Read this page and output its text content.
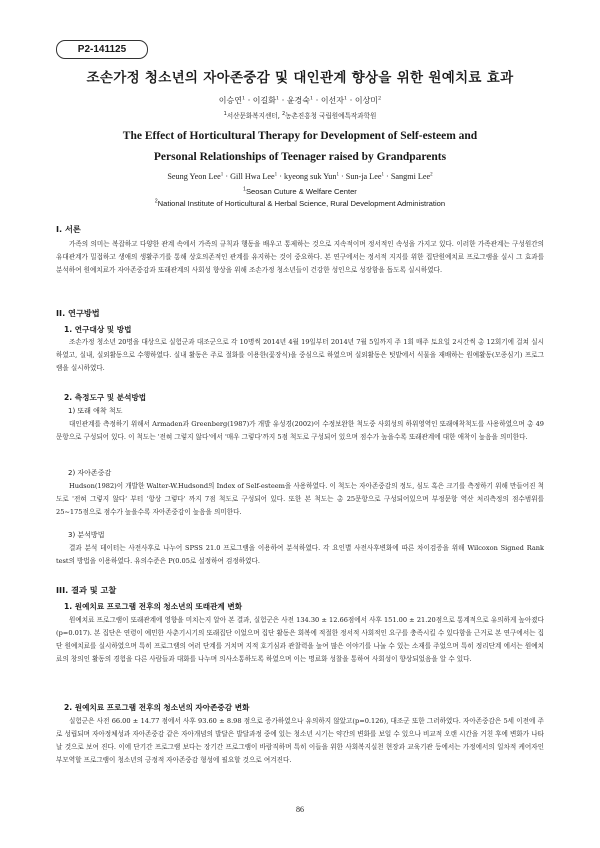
P2-141125
조손가정 청소년의 자아존중감 및 대인관계 향상을 위한 원예치료 효과
이승연$^1$ · 이길화$^1$ · 윤경숙$^1$ · 이선자$^1$ · 이상미$^2$
$^1$서산문화복지센터, $^2$농촌진흥청 국립원예특작과학원
The Effect of Horticultural Therapy for Development of Self-esteem and
Personal Relationships of Teenager raised by Grandparents
Seung Yeon Lee$^1$ · Gill Hwa Lee$^1$ · kyeong suk Yun$^1$ · Sun-ja Lee$^1$ · Sangmi Lee$^2$
$^1$Seosan Cuture & Welfare Center
$^2$National Institute of Horticultural & Herbal Science, Rural Development Administration
I. 서론
가족의 의미는 복잡하고 다양한 관계 속에서 가족의 규칙과 행동을 배우고 통제하는 것으로 지속적이며 정서적인 속성을 가지고 있다. 이러한 가족관계는 구성원간의 유대관계가 밀접하고 생애의 생활주기를 통해 상호의존적인 관계를 유지하는 것이 중요하다. 본 연구에서는 정서적 지지를 위한 집단원예치료 프로그램을 실시 그 효과를 분석하여 원예치료가 자아존중감과 또래관계의 사회성 향상을 위해 조손가정 청소년들이 건강한 성인으로 성장함을 돕도록 실시하였다.
II. 연구방법
1. 연구대상 및 방법
조손가정 청소년 20명을 대상으로 실험군과 대조군으로 각 10명씩 2014년 4월 19일부터 2014년 7월 5일까지 주 1회 매주 토요일 2시간씩 총 12회기에 걸쳐 실시하였고, 실내, 실외활동으로 수행하였다. 실내 활동은 주로 절화를 이용한(꽃장식)을 중심으로 하였으며 실외활동은 텃밭에서 식물을 재배하는 원예활동(모종심기) 프로그램을 실시하였다.
2. 측정도구 및 분석방법
1) 또래 애착 척도
대인관계를 측정하기 위해서 Armaden과 Greenberg(1987)가 개발 유성경(2002)이 수정보완한 척도중 사회성의 하위영역인 또래애착척도를 사용하였으며 총 49문항으로 구성되어 있다. 이 척도는 '전혀 그렇지 않다'에서 '매우 그렇다'까지 5점 척도로 구성되어 있으며 점수가 높을수록 또래관계에 대한 애착이 높음을 의미한다.
2) 자아존중감
Hudson(1982)이 개발한 Walter-W.Hudsond의 Index of Self-esteem을 사용하였다. 이 척도는 자아존중감의 정도, 심도 혹은 크기를 측정하기 위해 만들어진 척도로 '전혀 그렇지 않다' 부터 '항상 그렇다' 까지 7점 척도로 구성되어 있다. 또한 본 척도는 총 25문항으로 구성되어있으며 부정문항 역산 처리측정의 점수범위를 25~175점으로 점수가 높을수록 자아존중감이 높음을 의미한다.
3) 분석방법
결과 분석 데이터는 사전사후로 나누어 SPSS 21.0 프로그램을 이용하여 분석하였다. 각 요인별 사전사후변화에 따른 차이검증을 위해 Wilcoxon Signed Rank test의 방법을 이용하였다. 유의수준은 P(0.05로 설정하여 검정하였다.
III. 결과 및 고찰
1. 원예치료 프로그램 전후의 청소년의 또래관계 변화
원예치료 프로그램이 또래관계에 영향을 미치는지 알아 본 결과, 실험군은 사전 134.30 ± 12.66점에서 사후 151.00 ± 21.20점으로 통계적으로 유의하게 높아졌다(p=0.017). 본 집단은 연령이 예민한 사춘기시기의 또래집단 이었으며 집단 활동은 회복에 적절한 정서적 사회적인 요구를 충족시킬 수 있다함을 근거로 본 연구에서는 집단 원예치료를 실시하였으며 특히 프로그램의 여러 단계를 거치며 지적 호기심과 관찰력을 높여 많은 이야기를 나눌 수 있는 소재를 주었으며 특히 정리단계 에서는 원예치료의 창의인 활동의 경험을 다른 사람들과 대화를 나누며 의사소통하도록 하였으며 이는 명료화 성찰을 통하여 사회성이 향상되었음을 알 수 있다.
2. 원예치료 프로그램 전후의 청소년의 자아존중감 변화
실험군은 사전 66.00 ± 14.77 점에서 사후 93.60 ± 8.98 점으로 증가하였으나 유의하지 않았고(p=0.126), 대조군 또한 그러하였다. 자아존중감은 5세 이전에 주로 성립되며 자아정체성과 자아존중감 같은 자아개념의 발달은 발달과정 중에 있는 청소년 시기는 약간의 변화를 보일 수 있으나 비교적 오랜 시간을 거친 후에 변화가 나타 날 것으로 보여 진다. 이에 단기간 프로그램 보다는 장기간 프로그램이 바람직하며 특히 이들을 위한 사회복지실천 현장과 교육기관 등에서는 가정에서의 일차적 케어자인 부모역할 프로그램이 청소년의 긍정적 자아존중감 형성에 필요할 것으로 여겨진다.
86
